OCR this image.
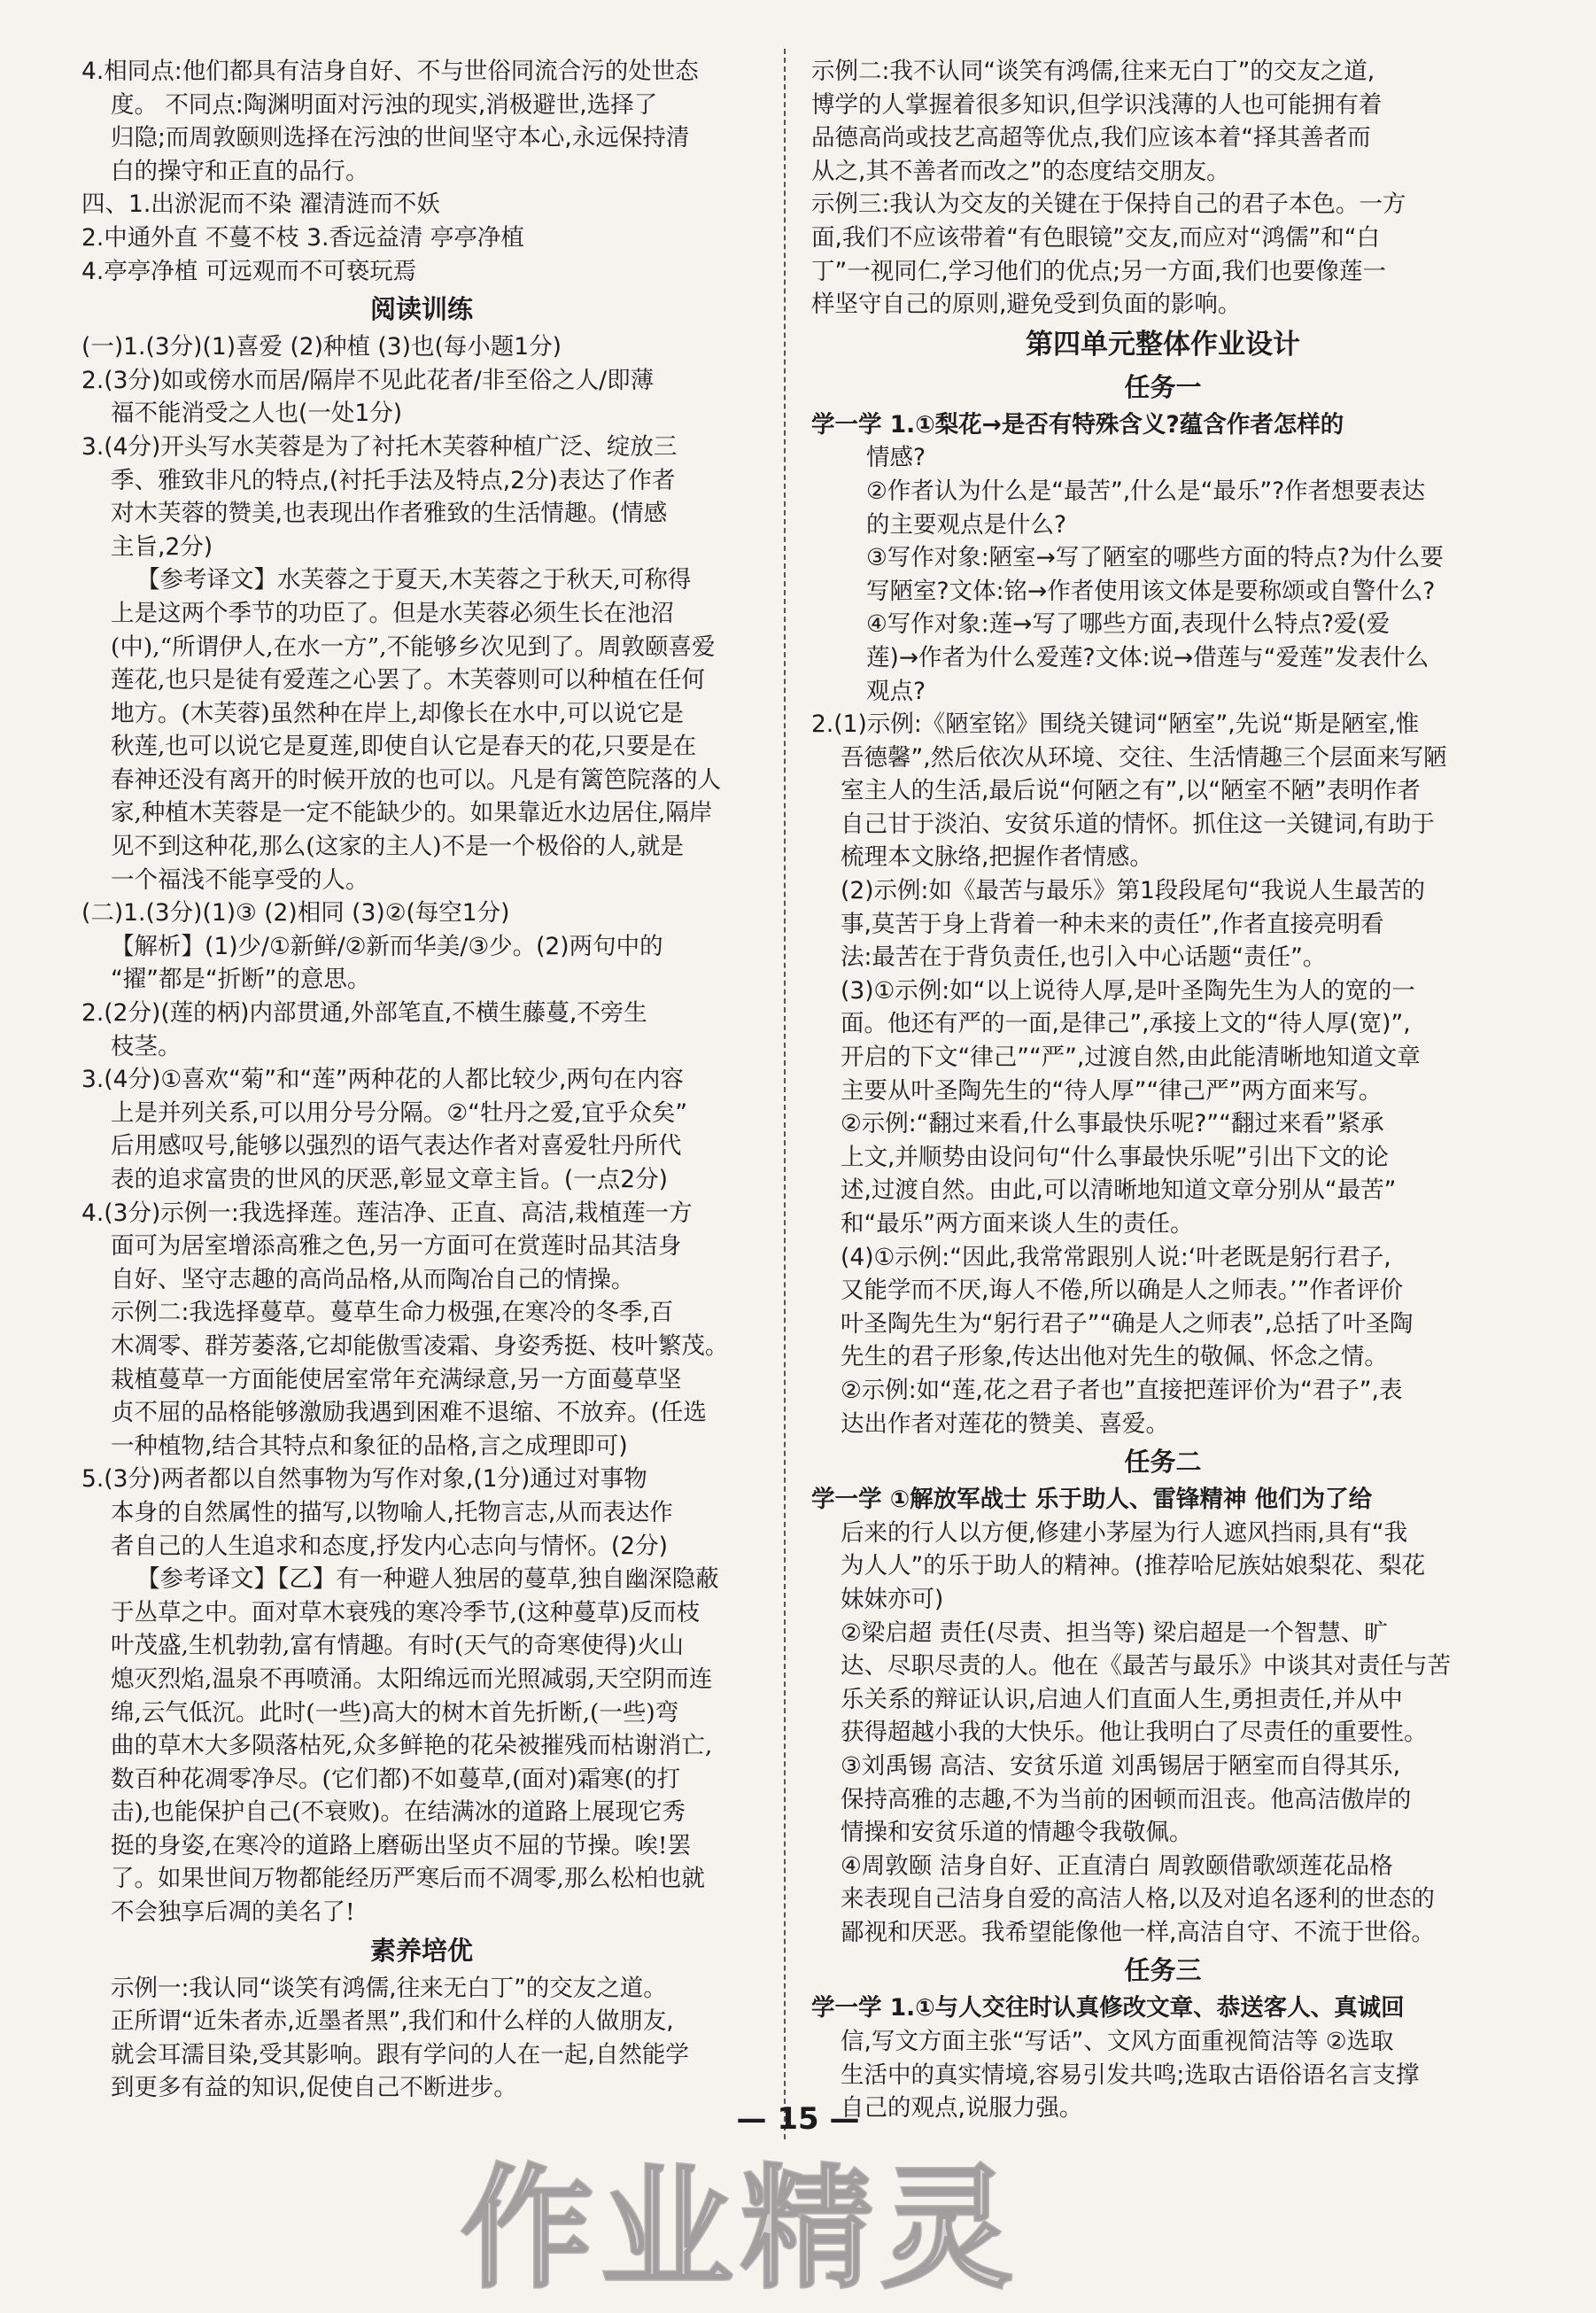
4.相同点:他们都具有洁身自好、不与世俗同流合污的处世态

度。 不同点:陶渊明面对污浊的现实,消极避世,选择了

归隐;而周敦颐则选择在污浊的世间坚守本心,永远保持清

白的操守和正直的品行。

四、1.出淤泥而不染 濯清涟而不妖

2.中通外直 不蔓不枝 3.香远益清 亭亭净植

4.亭亭净植 可远观而不可亵玩焉

阅读训练

(一)1.(3分)(1)喜爱 (2)种植 (3)也(每小题1分)

2.(3分)如或傍水而居/隔岸不见此花者/非至俗之人/即薄

福不能消受之人也(一处1分)

3.(4分)开头写水芙蓉是为了衬托木芙蓉种植广泛、绽放三

季、雅致非凡的特点,(衬托手法及特点,2分)表达了作者

对木芙蓉的赞美,也表现出作者雅致的生活情趣。(情感

主旨,2分)

【参考译文】水芙蓉之于夏天,木芙蓉之于秋天,可称得

上是这两个季节的功臣了。但是水芙蓉必须生长在池沼

(中),“所谓伊人,在水一方”,不能够乡次见到了。周敦颐喜爱

莲花,也只是徒有爱莲之心罢了。木芙蓉则可以种植在任何

地方。(木芙蓉)虽然种在岸上,却像长在水中,可以说它是

秋莲,也可以说它是夏莲,即使自认它是春天的花,只要是在

春神还没有离开的时候开放的也可以。凡是有篱笆院落的人

家,种植木芙蓉是一定不能缺少的。如果靠近水边居住,隔岸

见不到这种花,那么(这家的主人)不是一个极俗的人,就是

一个福浅不能享受的人。

(二)1.(3分)(1)③ (2)相同 (3)②(每空1分)

【解析】(1)少/①新鲜/②新而华美/③少。(2)两句中的

“擢”都是“折断”的意思。

2.(2分)(莲的柄)内部贯通,外部笔直,不横生藤蔓,不旁生

枝茎。

3.(4分)①喜欢“菊”和“莲”两种花的人都比较少,两句在内容

上是并列关系,可以用分号分隔。②“牡丹之爱,宜乎众矣”

后用感叹号,能够以强烈的语气表达作者对喜爱牡丹所代

表的追求富贵的世风的厌恶,彰显文章主旨。(一点2分)

4.(3分)示例一:我选择莲。莲洁净、正直、高洁,栽植莲一方

面可为居室增添高雅之色,另一方面可在赏莲时品其洁身

自好、坚守志趣的高尚品格,从而陶冶自己的情操。

示例二:我选择蔓草。蔓草生命力极强,在寒冷的冬季,百

木凋零、群芳萎落,它却能傲雪凌霜、身姿秀挺、枝叶繁茂。

栽植蔓草一方面能使居室常年充满绿意,另一方面蔓草坚

贞不屈的品格能够激励我遇到困难不退缩、不放弃。(任选

一种植物,结合其特点和象征的品格,言之成理即可)

5.(3分)两者都以自然事物为写作对象,(1分)通过对事物

本身的自然属性的描写,以物喻人,托物言志,从而表达作

者自己的人生追求和态度,抒发内心志向与情怀。(2分)

【参考译文】【乙】有一种避人独居的蔓草,独自幽深隐蔽

于丛草之中。面对草木衰残的寒冷季节,(这种蔓草)反而枝

叶茂盛,生机勃勃,富有情趣。有时(天气的奇寒使得)火山

熄灭烈焰,温泉不再喷涌。太阳绵远而光照减弱,天空阴而连

绵,云气低沉。此时(一些)高大的树木首先折断,(一些)弯

曲的草木大多陨落枯死,众多鲜艳的花朵被摧残而枯谢消亡,

数百种花凋零净尽。(它们都)不如蔓草,(面对)霜寒(的打

击),也能保护自己(不衰败)。在结满冰的道路上展现它秀

挺的身姿,在寒冷的道路上磨砺出坚贞不屈的节操。唉!罢

了。如果世间万物都能经历严寒后而不凋零,那么松柏也就

不会独享后凋的美名了!

素养培优

示例一:我认同“谈笑有鸿儒,往来无白丁”的交友之道。

正所谓“近朱者赤,近墨者黑”,我们和什么样的人做朋友,

就会耳濡目染,受其影响。跟有学问的人在一起,自然能学

到更多有益的知识,促使自己不断进步。

示例二:我不认同“谈笑有鸿儒,往来无白丁”的交友之道,

博学的人掌握着很多知识,但学识浅薄的人也可能拥有着

品德高尚或技艺高超等优点,我们应该本着“择其善者而

从之,其不善者而改之”的态度结交朋友。

示例三:我认为交友的关键在于保持自己的君子本色。一方

面,我们不应该带着“有色眼镜”交友,而应对“鸿儒”和“白

丁”一视同仁,学习他们的优点;另一方面,我们也要像莲一

样坚守自己的原则,避免受到负面的影响。

第四单元整体作业设计

任务一

学一学 1.①梨花→是否有特殊含义?蕴含作者怎样的

情感?

②作者认为什么是“最苦”,什么是“最乐”?作者想要表达

的主要观点是什么?

③写作对象:陋室→写了陋室的哪些方面的特点?为什么要

写陋室?文体:铭→作者使用该文体是要称颂或自警什么?

④写作对象:莲→写了哪些方面,表现什么特点?爱(爱

莲)→作者为什么爱莲?文体:说→借莲与“爱莲”发表什么

观点?

2.(1)示例:《陋室铭》围绕关键词“陋室”,先说“斯是陋室,惟

吾德馨”,然后依次从环境、交往、生活情趣三个层面来写陋

室主人的生活,最后说“何陋之有”,以“陋室不陋”表明作者

自己甘于淡泊、安贫乐道的情怀。抓住这一关键词,有助于

梳理本文脉络,把握作者情感。

(2)示例:如《最苦与最乐》第1段段尾句“我说人生最苦的

事,莫苦于身上背着一种未来的责任”,作者直接亮明看

法:最苦在于背负责任,也引入中心话题“责任”。

(3)①示例:如“以上说待人厚,是叶圣陶先生为人的宽的一

面。他还有严的一面,是律己”,承接上文的“待人厚(宽)”,

开启的下文“律己”“严”,过渡自然,由此能清晰地知道文章

主要从叶圣陶先生的“待人厚”“律己严”两方面来写。

②示例:“翻过来看,什么事最快乐呢?”“翻过来看”紧承

上文,并顺势由设问句“什么事最快乐呢”引出下文的论

述,过渡自然。由此,可以清晰地知道文章分别从“最苦”

和“最乐”两方面来谈人生的责任。

(4)①示例:“因此,我常常跟别人说:‘叶老既是躬行君子,

又能学而不厌,诲人不倦,所以确是人之师表。’”作者评价

叶圣陶先生为“躬行君子”“确是人之师表”,总括了叶圣陶

先生的君子形象,传达出他对先生的敬佩、怀念之情。

②示例:如“莲,花之君子者也”直接把莲评价为“君子”,表

达出作者对莲花的赞美、喜爱。

任务二

学一学 ①解放军战士 乐于助人、雷锋精神 他们为了给

后来的行人以方便,修建小茅屋为行人遮风挡雨,具有“我

为人人”的乐于助人的精神。(推荐哈尼族姑娘梨花、梨花

妹妹亦可)

②梁启超 责任(尽责、担当等) 梁启超是一个智慧、旷

达、尽职尽责的人。他在《最苦与最乐》中谈其对责任与苦

乐关系的辩证认识,启迪人们直面人生,勇担责任,并从中

获得超越小我的大快乐。他让我明白了尽责任的重要性。

③刘禹锡 高洁、安贫乐道 刘禹锡居于陋室而自得其乐,

保持高雅的志趣,不为当前的困顿而沮丧。他高洁傲岸的

情操和安贫乐道的情趣令我敬佩。

④周敦颐 洁身自好、正直清白 周敦颐借歌颂莲花品格

来表现自己洁身自爱的高洁人格,以及对追名逐利的世态的

鄙视和厌恶。我希望能像他一样,高洁自守、不流于世俗。

任务三

学一学 1.①与人交往时认真修改文章、恭送客人、真诚回

信,写文方面主张“写话”、文风方面重视简洁等 ②选取

生活中的真实情境,容易引发共鸣;选取古语俗语名言支撑

自己的观点,说服力强。

— 15 —
作业精灵
